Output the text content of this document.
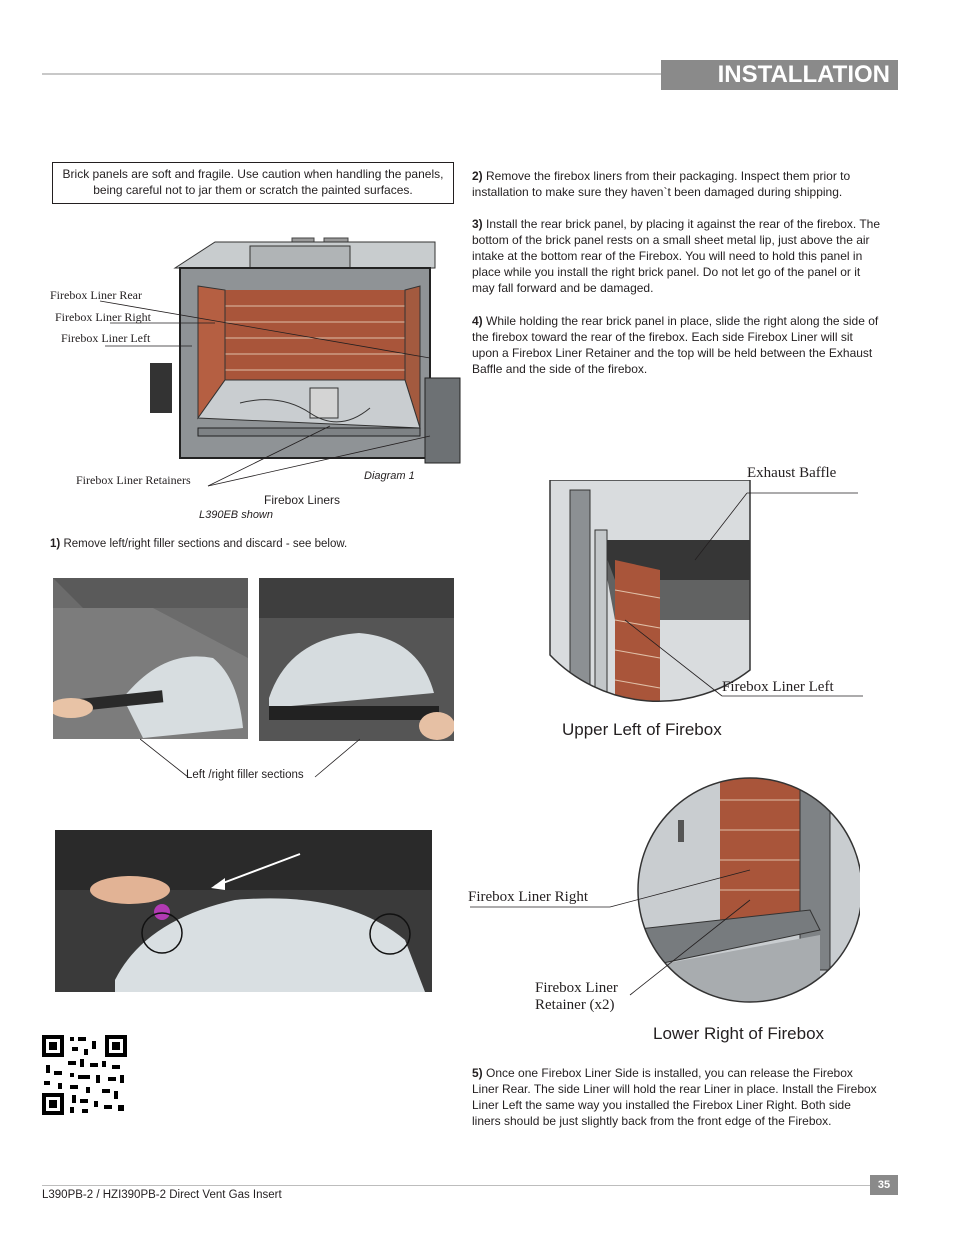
INSTALLATION
Brick panels are soft and fragile. Use caution when handling the panels, being careful not to jar them or scratch the painted surfaces.
Firebox Liner Rear
Firebox Liner Right
Firebox Liner Left
Firebox Liner Retainers	Diagram 1
Firebox Liners
L390EB shown
1) Remove left/right filler sections and discard - see below.
Left /right filler sections
2) Remove the firebox liners from their packaging. Inspect them prior to installation to make sure they haven`t been damaged during shipping.
3) Install the rear brick panel, by placing it against the rear of the firebox. The bottom of the brick panel rests on a small sheet metal lip, just above the air intake at the bottom rear of the Firebox. You will need to hold this panel in place while you install the right brick panel. Do not let go of the panel or it may fall forward and be damaged.
4) While holding the rear brick panel in place, slide the right along the side of the firebox toward the rear of the firebox. Each side Firebox Liner will sit upon a Firebox Liner Retainer and the top will be held between the Exhaust Baffle and the side of the firebox.
Exhaust Baffle
Firebox Liner Left
Upper Left of Firebox
Firebox Liner Right
Firebox Liner
Retainer (x2)
Lower Right of Firebox
5) Once one Firebox Liner Side is installed, you can release the Firebox Liner Rear. The side Liner will hold the rear Liner in place. Install the Firebox Liner Left the same way you installed the Firebox Liner Right. Both side liners should be just slightly back from the front edge of the Firebox.
35
L390PB-2 / HZI390PB-2 Direct Vent Gas Insert
